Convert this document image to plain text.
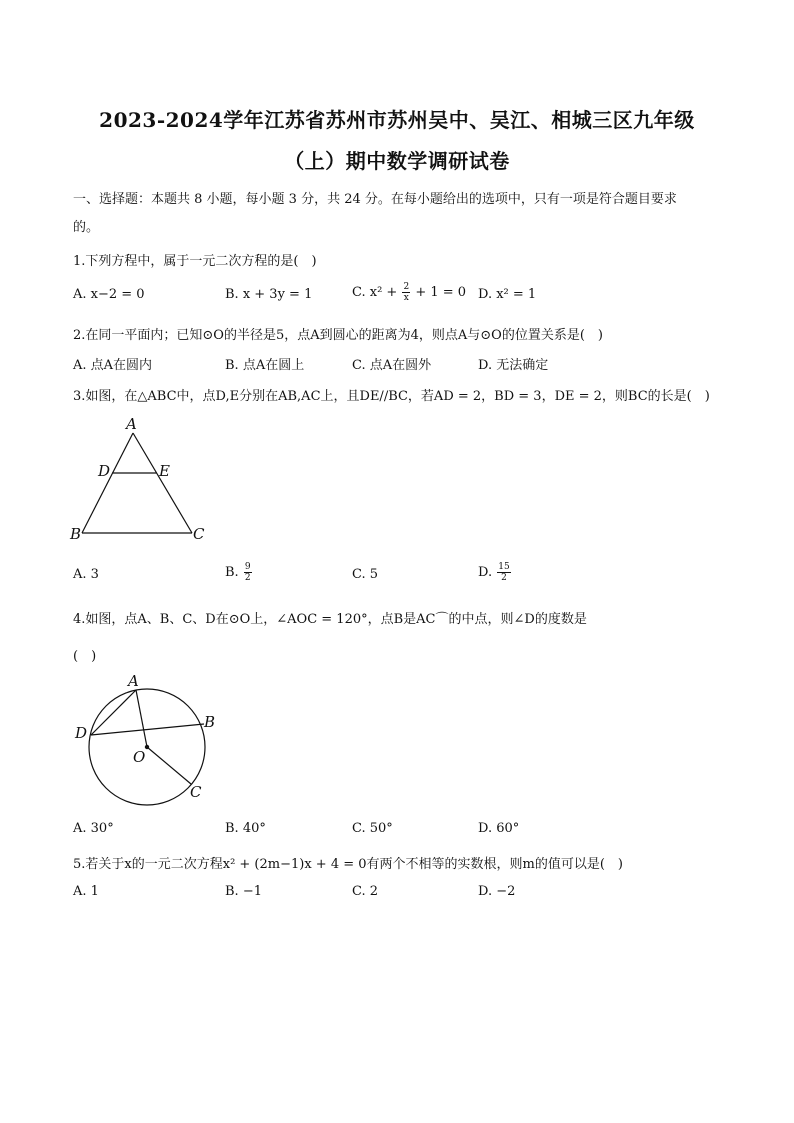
2023-2024学年江苏省苏州市苏州吴中、吴江、相城三区九年级
（上）期中数学调研试卷
一、选择题：本题共 8 小题，每小题 3 分，共 24 分。在每小题给出的选项中，只有一项是符合题目要求
的。
1.下列方程中，属于一元二次方程的是(　)
A. x−2 = 0	B. x + 3y = 1	C. $x^2 + \frac{2}{x} + 1 = 0$ D. x² = 1
2.在同一平面内；已知⊙O的半径是5，点A到圆心的距离为4，则点A与⊙O的位置关系是(　)
A. 点A在圆内	B. 点A在圆上	C. 点A在圆外	D. 无法确定
3.如图，在△ABC中，点D,E分别在AB,AC上，且DE//BC，若AD = 2，BD = 3，DE = 2，则BC的长是(　)
A
D	E
B	C
A. 3	B. $\frac{9}{2}$	C. 5	D. $\frac{15}{2}$
4.如图，点A、B、C、D在⊙O上，∠AOC = 120°，点B是AC⌒的中点，则∠D的度数是
(　)
A
B
D
O
C
A. 30°	B. 40°	C. 50°	D. 60°
5.若关于x的一元二次方程x² + (2m−1)x + 4 = 0有两个不相等的实数根，则m的值可以是(　)
A. 1	B. −1	C. 2	D. −2
